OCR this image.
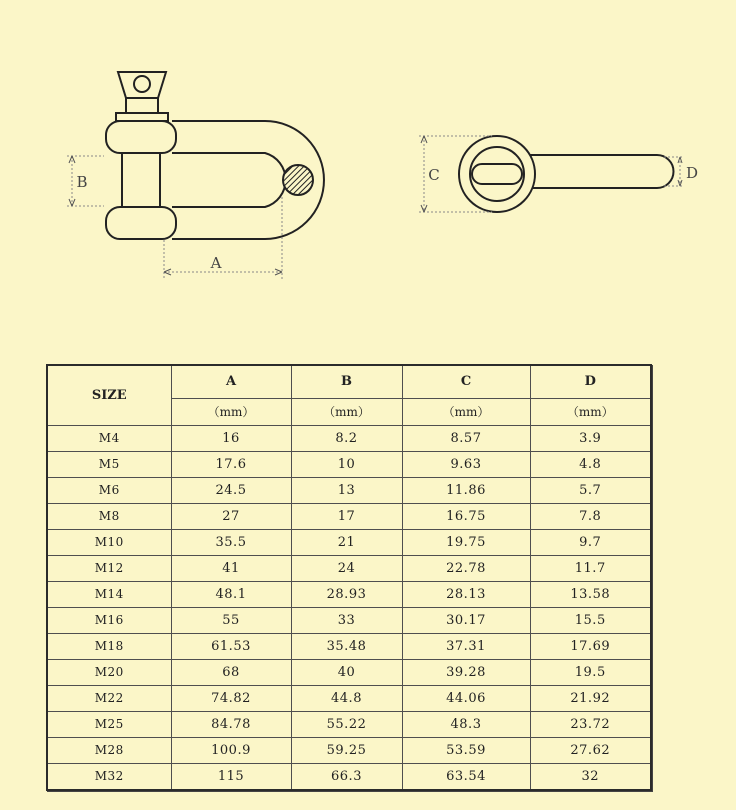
B
A
C	D
SIZE	A	B	C	D
	（mm）	（mm）	（mm）	（mm）
M4	16	8.2	8.57	3.9
M5	17.6	10	9.63	4.8
M6	24.5	13	11.86	5.7
M8	27	17	16.75	7.8
M10	35.5	21	19.75	9.7
M12	41	24	22.78	11.7
M14	48.1	28.93	28.13	13.58
M16	55	33	30.17	15.5
M18	61.53	35.48	37.31	17.69
M20	68	40	39.28	19.5
M22	74.82	44.8	44.06	21.92
M25	84.78	55.22	48.3	23.72
M28	100.9	59.25	53.59	27.62
M32	115	66.3	63.54	32
